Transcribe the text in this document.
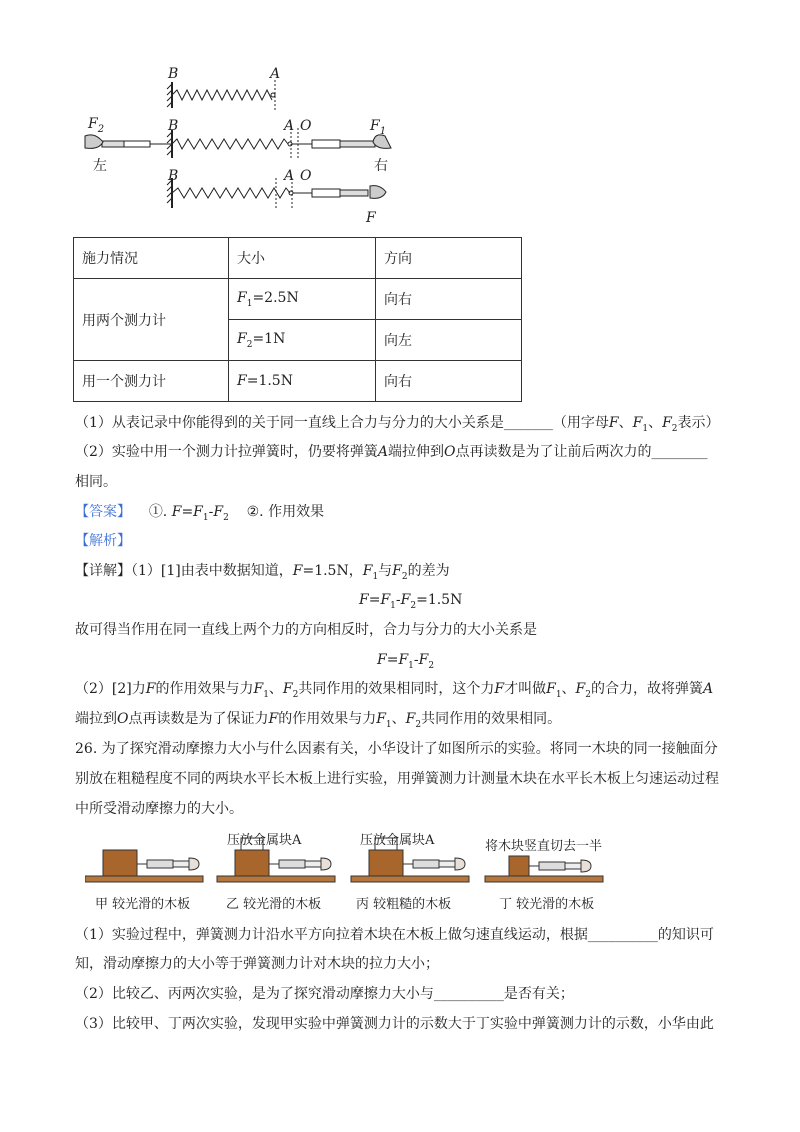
B	A
B	A O
$F_2$	$F_1$
左	右
B	A O
F
施力情况	大小	方向
用两个测力计	$F_1=2.5N$	向右
	$F_2=1N$	向左
用一个测力计	F=1.5N	向右
（1）从表记录中你能得到的关于同一直线上合力与分力的大小关系是_______（用字母F、$F_1$、$F_2$表示）
（2）实验中用一个测力计拉弹簧时，仍要将弹簧A端拉伸到O点再读数是为了让前后两次力的________
相同。
【答案】 ①. $F=F_1-F_2$ ②. 作用效果
【解析】
【详解】（1）[1]由表中数据知道，F=1.5N，$F_1$与$F_2$的差为
$F=F_1-F_2=1.5N$
故可得当作用在同一直线上两个力的方向相反时，合力与分力的大小关系是
$F=F_1-F_2$
（2）[2]力F的作用效果与力$F_1$、$F_2$共同作用的效果相同时，这个力F才叫做$F_1$、$F_2$的合力，故将弹簧A
端拉到O点再读数是为了保证力F的作用效果与力$F_1$、$F_2$共同作用的效果相同。
26. 为了探究滑动摩擦力大小与什么因素有关，小华设计了如图所示的实验。将同一木块的同一接触面分
别放在粗糙程度不同的两块水平长木板上进行实验，用弹簧测力计测量木块在水平长木板上匀速运动过程
中所受滑动摩擦力的大小。
压放金属块A	压放金属块A	将木块竖直切去一半
甲 较光滑的木板	乙 较光滑的木板	丙 较粗糙的木板	丁 较光滑的木板
（1）实验过程中，弹簧测力计沿水平方向拉着木块在木板上做匀速直线运动，根据__________的知识可
知，滑动摩擦力的大小等于弹簧测力计对木块的拉力大小；
（2）比较乙、丙两次实验，是为了探究滑动摩擦力大小与__________是否有关；
（3）比较甲、丁两次实验，发现甲实验中弹簧测力计的示数大于丁实验中弹簧测力计的示数，小华由此
